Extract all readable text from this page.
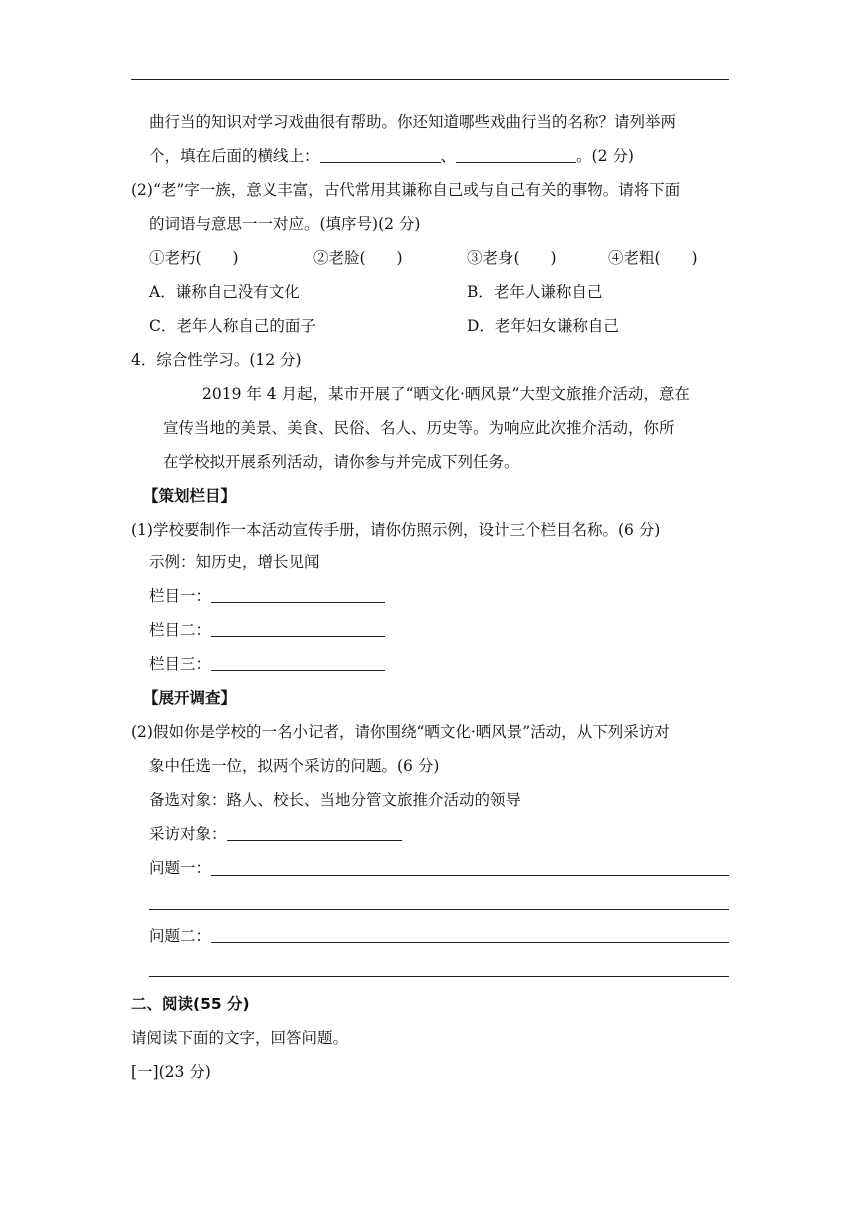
曲行当的知识对学习戏曲很有帮助。你还知道哪些戏曲行当的名称？请列举两
个，填在后面的横线上：	、	。(2 分)
(2)“老”字一族，意义丰富，古代常用其谦称自己或与自己有关的事物。请将下面
的词语与意思一一对应。(填序号)(2 分)
①老朽(　　)	②老脸(　　)	③老身(　　)	④老粗(　　)
A．谦称自己没有文化	B．老年人谦称自己
C．老年人称自己的面子	D．老年妇女谦称自己
4．综合性学习。(12 分)
2019 年 4 月起，某市开展了“晒文化·晒风景”大型文旅推介活动，意在
宣传当地的美景、美食、民俗、名人、历史等。为响应此次推介活动，你所
在学校拟开展系列活动，请你参与并完成下列任务。
【策划栏目】
(1)学校要制作一本活动宣传手册，请你仿照示例，设计三个栏目名称。(6 分)
示例：知历史，增长见闻
栏目一：
栏目二：
栏目三：
【展开调查】
(2)假如你是学校的一名小记者，请你围绕“晒文化·晒风景”活动，从下列采访对
象中任选一位，拟两个采访的问题。(6 分)
备选对象：路人、校长、当地分管文旅推介活动的领导
采访对象：
问题一：
问题二：
二、阅读(55 分)
请阅读下面的文字，回答问题。
[一](23 分)
